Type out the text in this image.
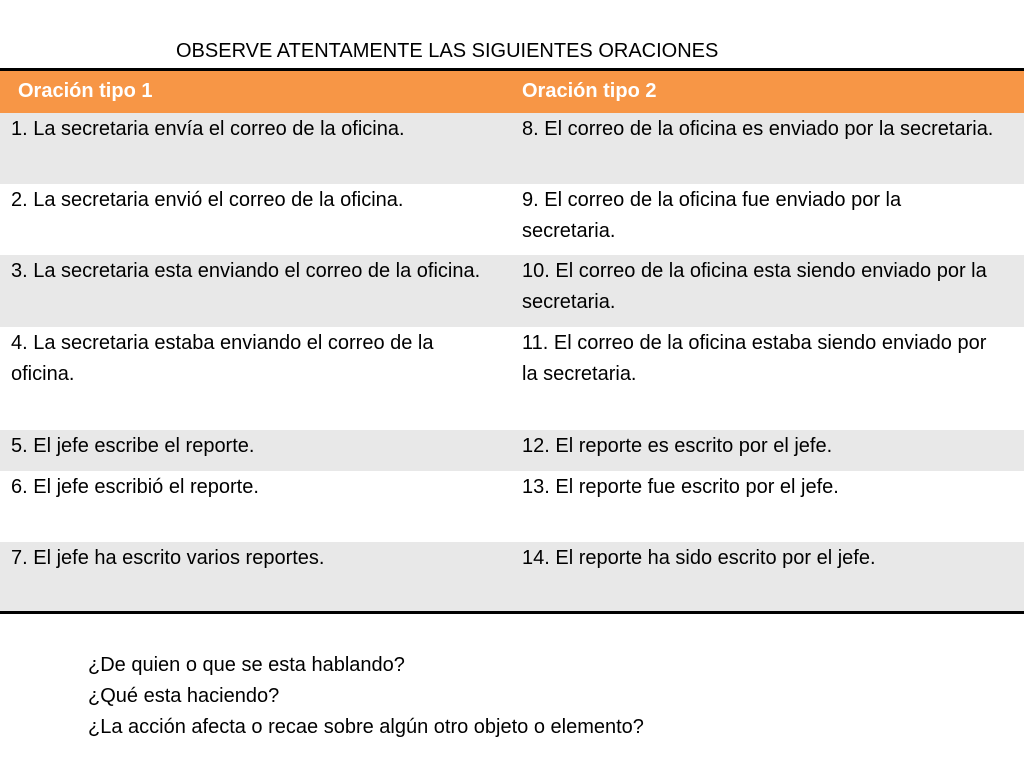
OBSERVE ATENTAMENTE LAS SIGUIENTES ORACIONES
Oración tipo 1	Oración tipo 2
1. La secretaria envía el correo de la oficina.	8. El correo de la oficina es enviado por la secretaria.
2. La secretaria envió el correo de la oficina.	9. El correo de la oficina fue enviado por la secretaria.
3. La secretaria esta enviando el correo de la oficina.	10. El correo de la oficina esta siendo enviado por la secretaria.
4. La secretaria estaba enviando el correo de la oficina.	11. El correo de la oficina estaba siendo enviado por la secretaria.
5. El jefe escribe el reporte.	12. El reporte es escrito por el jefe.
6. El jefe escribió el reporte.	13. El reporte fue escrito por el jefe.
7. El jefe ha escrito varios reportes.	14. El reporte ha sido escrito por el jefe.
¿De quien o que se esta hablando?
¿Qué esta haciendo?
¿La acción afecta o recae sobre algún otro objeto o elemento?
